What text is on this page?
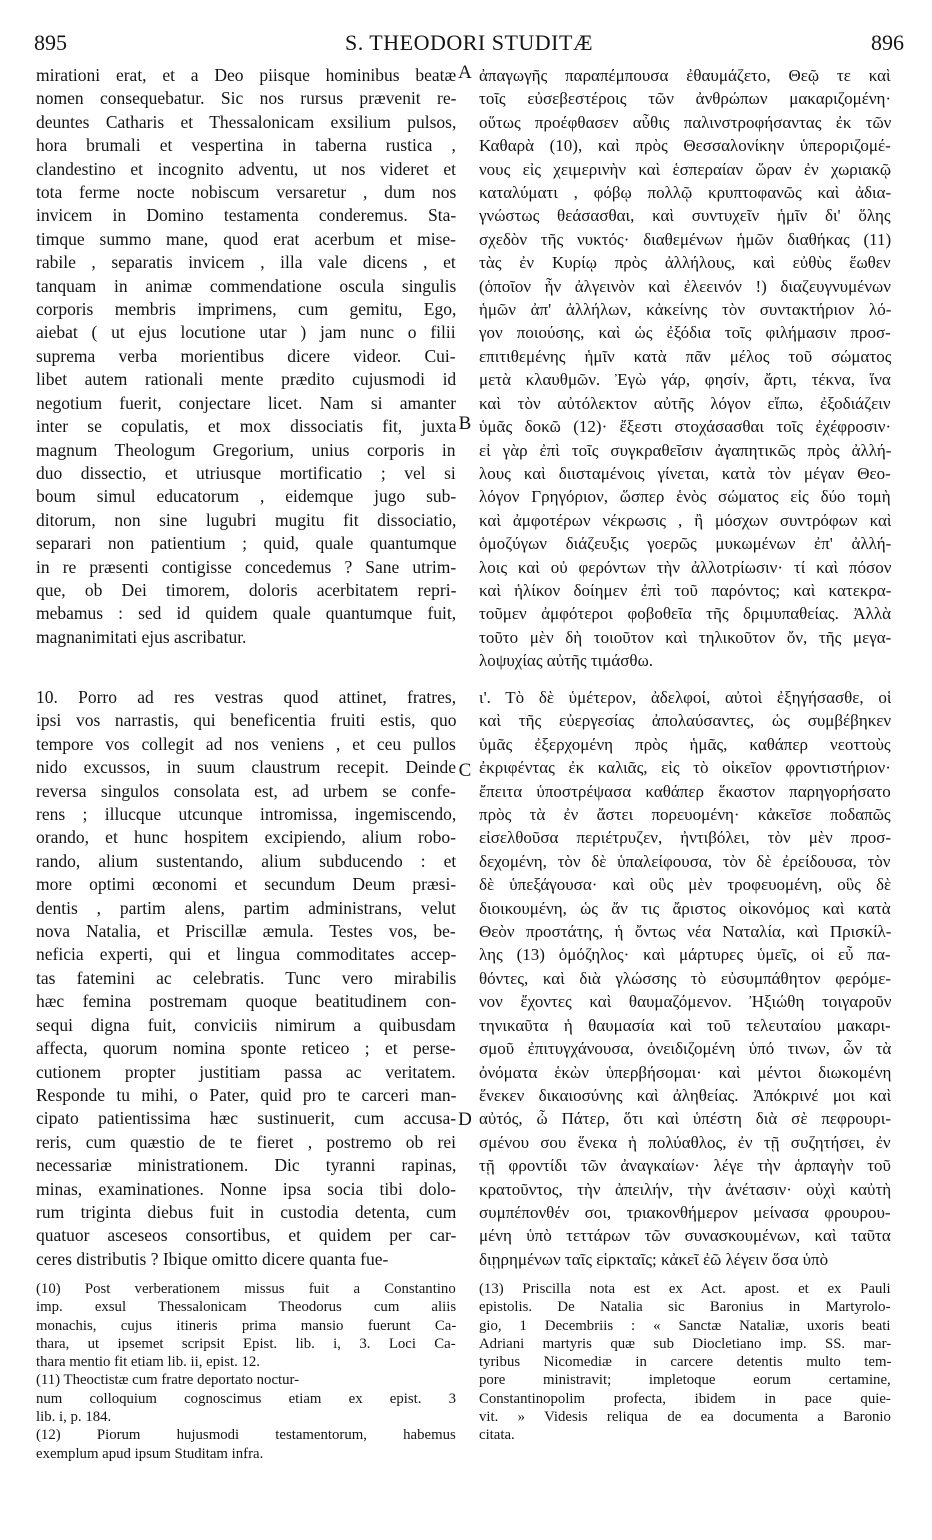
895	S. THEODORI STUDITÆ	896
mirationi erat, et a Deo piisque hominibus beatæ
nomen consequebatur. Sic nos rursus prævenit re-
deuntes Catharis et Thessalonicam exsilium pulsos,
hora brumali et vespertina in taberna rustica ,
clandestino et incognito adventu, ut nos videret et
tota ferme nocte nobiscum versaretur , dum nos
invicem in Domino testamenta conderemus. Sta-
timque summo mane, quod erat acerbum et mise-
rabile , separatis invicem , illa vale dicens , et
tanquam in animæ commendatione oscula singulis
corporis membris imprimens, cum gemitu, Ego,
aiebat ( ut ejus locutione utar ) jam nunc o filii
suprema verba morientibus dicere videor. Cui-
libet autem rationali mente prædito cujusmodi id
negotium fuerit, conjectare licet. Nam si amanter
inter se copulatis, et mox dissociatis fit, juxta
magnum Theologum Gregorium, unius corporis in
duo dissectio, et utriusque mortificatio ; vel si
boum simul educatorum , eidemque jugo sub-
ditorum, non sine lugubri mugitu fit dissociatio,
separari non patientium ; quid, quale quantumque
in re præsenti contigisse concedemus ? Sane utrim-
que, ob Dei timorem, doloris acerbitatem repri-
mebamus : sed id quidem quale quantumque fuit,
magnanimitati ejus ascribatur.
10. Porro ad res vestras quod attinet, fratres,
ipsi vos narrastis, qui beneficentia fruiti estis, quo
tempore vos collegit ad nos veniens , et ceu pullos
nido excussos, in suum claustrum recepit. Deinde
reversa singulos consolata est, ad urbem se confe-
rens ; illucque utcunque intromissa, ingemiscendo,
orando, et hunc hospitem excipiendo, alium robo-
rando, alium sustentando, alium subducendo : et
more optimi œconomi et secundum Deum præsi-
dentis , partim alens, partim administrans, velut
nova Natalia, et Priscillæ æmula. Testes vos, be-
neficia experti, qui et lingua commoditates accep-
tas fatemini ac celebratis. Tunc vero mirabilis
hæc femina postremam quoque beatitudinem con-
sequi digna fuit, conviciis nimirum a quibusdam
affecta, quorum nomina sponte reticeo ; et perse-
cutionem propter justitiam passa ac veritatem.
Responde tu mihi, o Pater, quid pro te carceri man-
cipato patientissima hæc sustinuerit, cum accusa-
reris, cum quæstio de te fieret , postremo ob rei
necessariæ ministrationem. Dic tyranni rapinas,
minas, examinationes. Nonne ipsa socia tibi dolo-
rum triginta diebus fuit in custodia detenta, cum
quatuor asceseos consortibus, et quidem per car-
ceres distributis ? Ibique omitto dicere quanta fue-
(10) Post verberationem missus fuit a Constantino
imp. exsul Thessalonicam Theodorus cum aliis
monachis, cujus itineris prima mansio fuerunt Ca-
thara, ut ipsemet scripsit Epist. lib. i, 3. Loci Ca-
thara mentio fit etiam lib. ii, epist. 12.
(11) Theoctistæ cum fratre deportato noctur-
num colloquium cognoscimus etiam ex epist. 3
lib. i, p. 184.
(12) Piorum hujusmodi testamentorum, habemus
exemplum apud ipsum Studitam infra.
ἀπαγωγῆς παραπέμπουσα ἐθαυμάζετο, Θεῷ τε καὶ
τοῖς εὐσεβεστέροις τῶν ἀνθρώπων μακαριζομένη·
οὕτως προέφθασεν αὖθις παλινστροφήσαντας ἐκ τῶν
Καθαρὰ (10), καὶ πρὸς Θεσσαλονίκην ὑπεροριζομέ-
νους εἰς χειμερινὴν καὶ ἑσπεραίαν ὥραν ἐν χωριακῷ
καταλύματι , φόβῳ πολλῷ κρυπτοφανῶς καὶ ἀδια-
γνώστως θεάσασθαι, καὶ συντυχεῖν ἡμῖν δι' ὅλης
σχεδὸν τῆς νυκτός· διαθεμένων ἡμῶν διαθήκας (11)
τὰς ἐν Κυρίῳ πρὸς ἀλλήλους, καὶ εὐθὺς ἕωθεν
(ὁποῖον ἦν ἀλγεινὸν καὶ ἐλεεινόν !) διαζευγνυμένων
ἡμῶν ἀπ' ἀλλήλων, κἀκείνης τὸν συντακτήριον λό-
γον ποιούσης, καὶ ὡς ἐξόδια τοῖς φιλήμασιν προσ-
επιτιθεμένης ἡμῖν κατὰ πᾶν μέλος τοῦ σώματος
μετὰ κλαυθμῶν. Ἐγὼ γάρ, φησίν, ἄρτι, τέκνα, ἵνα
καὶ τὸν αὐτόλεκτον αὐτῆς λόγον εἴπω, ἐξοδιάζειν
ὑμᾶς δοκῶ (12)· ἔξεστι στοχάσασθαι τοῖς ἐχέφροσιν·
εἰ γὰρ ἐπὶ τοῖς συγκραθεῖσιν ἀγαπητικῶς πρὸς ἀλλή-
λους καὶ διισταμένοις γίνεται, κατὰ τὸν μέγαν Θεο-
λόγον Γρηγόριον, ὥσπερ ἑνὸς σώματος εἰς δύο τομὴ
καὶ ἀμφοτέρων νέκρωσις , ἢ μόσχων συντρόφων καὶ
ὁμοζύγων διάζευξις γοερῶς μυκωμένων ἐπ' ἀλλή-
λοις καὶ οὐ φερόντων τὴν ἀλλοτρίωσιν· τί καὶ πόσον
καὶ ἡλίκον δοίημεν ἐπὶ τοῦ παρόντος; καὶ κατεκρα-
τοῦμεν ἀμφότεροι φοβοθεῖα τῆς δριμυπαθείας. Ἀλλὰ
τοῦτο μὲν δὴ τοιοῦτον καὶ τηλικοῦτον ὄν, τῆς μεγα-
λοψυχίας αὐτῆς τιμάσθω.
ι'. Τὸ δὲ ὑμέτερον, ἀδελφοί, αὐτοὶ ἐξηγήσασθε, οἱ
καὶ τῆς εὐεργεσίας ἀπολαύσαντες, ὡς συμβέβηκεν
ὑμᾶς ἐξερχομένη πρὸς ἡμᾶς, καθάπερ νεοττοὺς
ἐκριφέντας ἐκ καλιᾶς, εἰς τὸ οἰκεῖον φροντιστήριον·
ἔπειτα ὑποστρέψασα καθάπερ ἕκαστον παρηγορήσατο
πρὸς τὰ ἐν ἄστει πορευομένη· κἀκεῖσε ποδαπῶς
εἰσελθοῦσα περιέτρυζεν, ἠντιβόλει, τὸν μὲν προσ-
δεχομένη, τὸν δὲ ὑπαλείφουσα, τὸν δὲ ἐρείδουσα, τὸν
δὲ ὑπεξάγουσα· καὶ οὓς μὲν τροφευομένη, οὓς δὲ
διοικουμένη, ὡς ἄν τις ἄριστος οἰκονόμος καὶ κατὰ
Θεὸν προστάτης, ἡ ὄντως νέα Ναταλία, καὶ Πρισκίλ-
λης (13) ὁμόζηλος· καὶ μάρτυρες ὑμεῖς, οἱ εὖ πα-
θόντες, καὶ διὰ γλώσσης τὸ εὐσυμπάθητον φερόμε-
νον ἔχοντες καὶ θαυμαζόμενον. Ἠξιώθη τοιγαροῦν
τηνικαῦτα ἡ θαυμασία καὶ τοῦ τελευταίου μακαρι-
σμοῦ ἐπιτυγχάνουσα, ὀνειδιζομένη ὑπό τινων, ὧν τὰ
ὀνόματα ἑκὼν ὑπερβήσομαι· καὶ μέντοι διωκομένη
ἕνεκεν δικαιοσύνης καὶ ἀληθείας. Ἀπόκρινέ μοι καὶ
αὐτός, ὦ Πάτερ, ὅτι καὶ ὑπέστη διὰ σὲ πεφρουρι-
σμένου σου ἕνεκα ἡ πολύαθλος, ἐν τῇ συζητήσει, ἐν
τῇ φροντίδι τῶν ἀναγκαίων· λέγε τὴν ἁρπαγὴν τοῦ
κρατοῦντος, τὴν ἀπειλήν, τὴν ἀνέτασιν· οὐχὶ καὐτὴ
συμπέπονθέν σοι, τριακονθήμερον μείνασα φρουρου-
μένη ὑπὸ τεττάρων τῶν συνασκουμένων, καὶ ταῦτα
διῃρημένων ταῖς εἱρκταῖς; κἀκεῖ ἐῶ λέγειν ὅσα ὑπὸ
(13) Priscilla nota est ex Act. apost. et ex Pauli
epistolis. De Natalia sic Baronius in Martyrolo-
gio, 1 Decembriis : « Sanctæ Nataliæ, uxoris beati
Adriani martyris quæ sub Diocletiano imp. SS. mar-
tyribus Nicomediæ in carcere detentis multo tem-
pore ministravit; impletoque eorum certamine,
Constantinopolim profecta, ibidem in pace quie-
vit. » Videsis reliqua de ea documenta a Baronio
citata.
A
B
C
D
